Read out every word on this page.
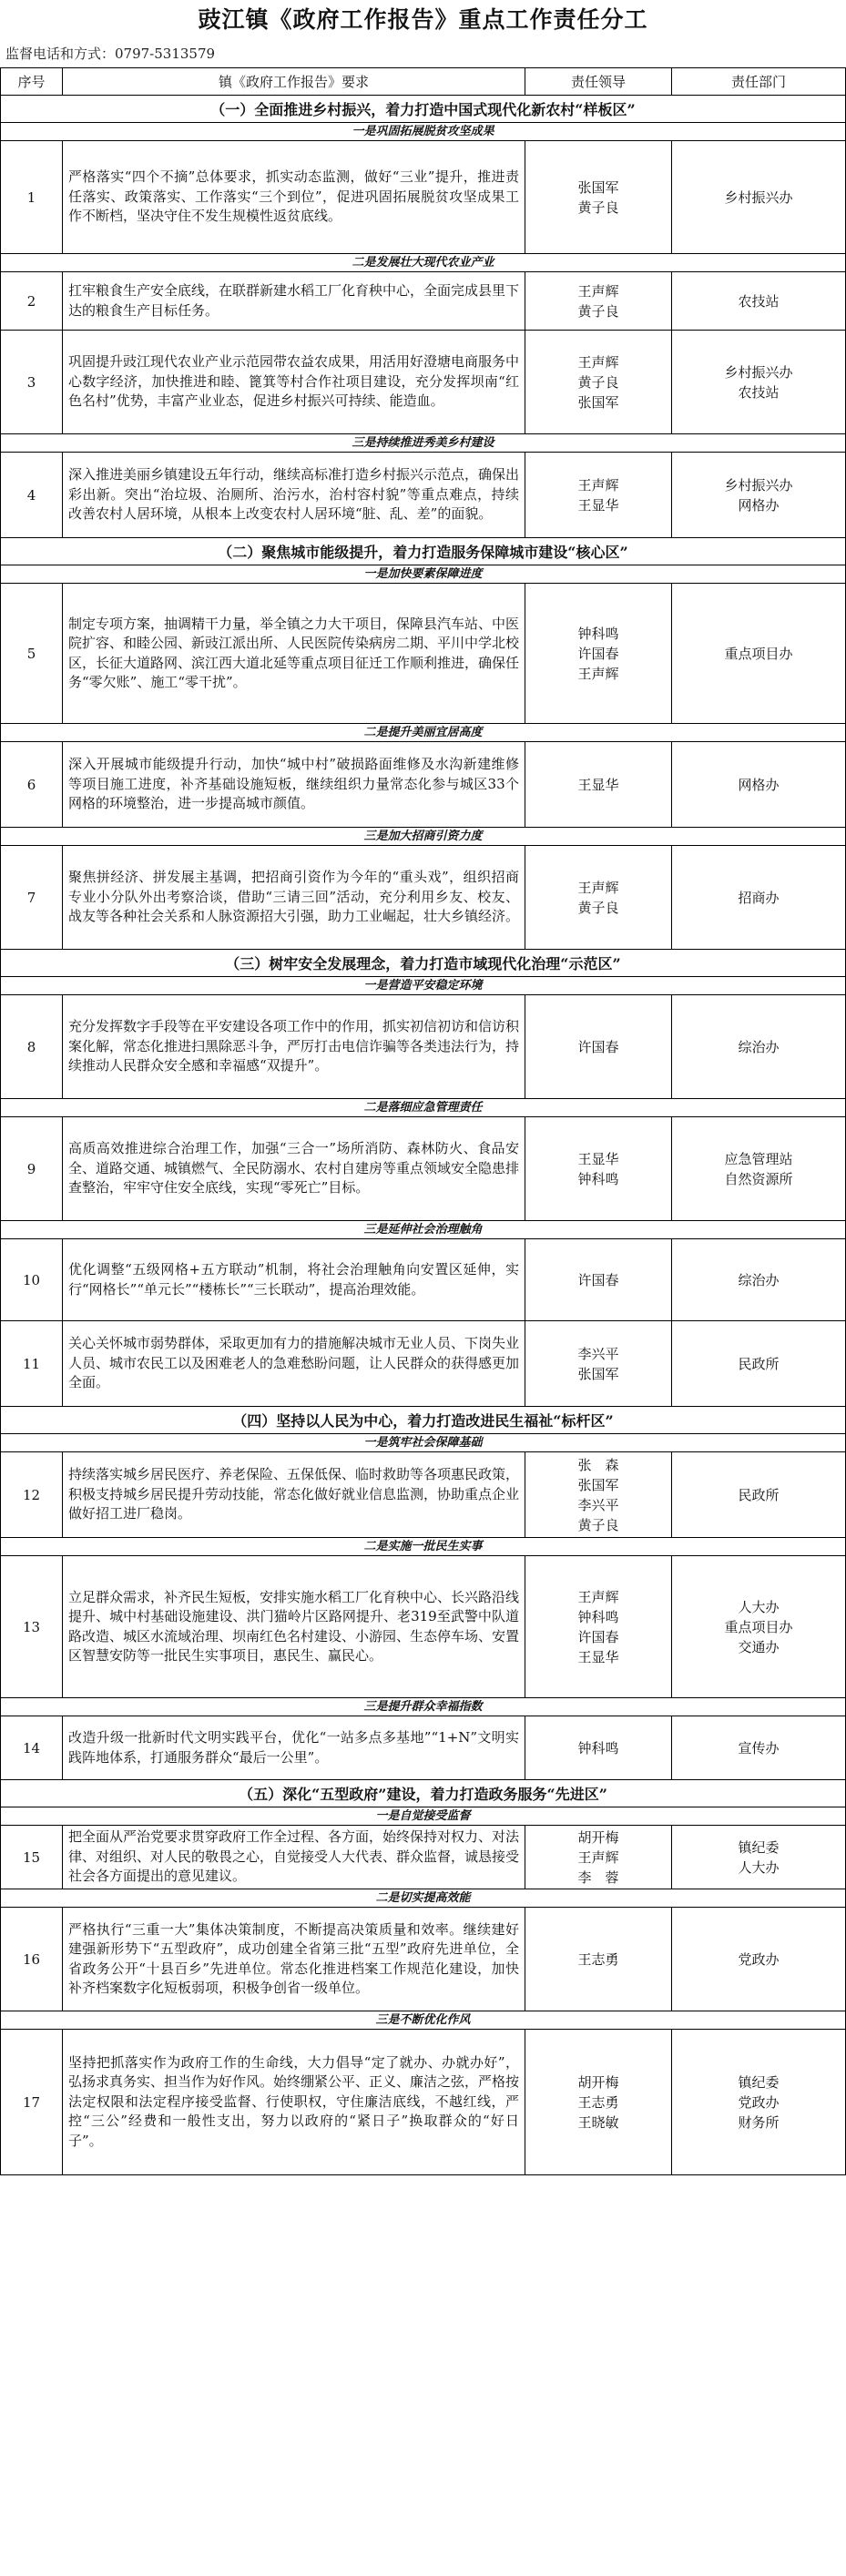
豉江镇《政府工作报告》重点工作责任分工
监督电话和方式：0797-5313579
序号	镇《政府工作报告》要求	责任领导	责任部门
（一）全面推进乡村振兴，着力打造中国式现代化新农村“样板区”			
一是巩固拓展脱贫攻坚成果			
1	严格落实“四个不摘”总体要求，抓实动态监测，做好“三业”提升，推进责任落实、政策落实、工作落实“三个到位”，促进巩固拓展脱贫攻坚成果工作不断档，坚决守住不发生规模性返贫底线。	张国军
黄子良	乡村振兴办

二是发展壮大现代农业产业			
2	扛牢粮食生产安全底线，在联群新建水稻工厂化育秧中心，全面完成县里下达的粮食生产目标任务。	王声辉
黄子良	农技站

3	巩固提升豉江现代农业产业示范园带农益农成果，用活用好澄塘电商服务中心数字经济，加快推进和睦、篦箕等村合作社项目建设，充分发挥坝南“红色名村”优势，丰富产业业态，促进乡村振兴可持续、能造血。	王声辉
黄子良
张国军	乡村振兴办
农技站

三是持续推进秀美乡村建设			
4	深入推进美丽乡镇建设五年行动，继续高标准打造乡村振兴示范点，确保出彩出新。突出“治垃圾、治厕所、治污水，治村容村貌”等重点难点，持续改善农村人居环境，从根本上改变农村人居环境“脏、乱、差”的面貌。	王声辉
王显华	乡村振兴办
网格办

（二）聚焦城市能级提升，着力打造服务保障城市建设“核心区”			
一是加快要素保障进度			
5	制定专项方案，抽调精干力量，举全镇之力大干项目，保障县汽车站、中医院扩容、和睦公园、新豉江派出所、人民医院传染病房二期、平川中学北校区，长征大道路网、滨江西大道北延等重点项目征迁工作顺利推进，确保任务“零欠账”、施工“零干扰”。	钟科鸣
许国春
王声辉	重点项目办

二是提升美丽宜居高度			
6	深入开展城市能级提升行动，加快“城中村”破损路面维修及水沟新建维修等项目施工进度，补齐基础设施短板，继续组织力量常态化参与城区33个网格的环境整治，进一步提高城市颜值。	王显华	网格办

三是加大招商引资力度			
7	聚焦拼经济、拼发展主基调，把招商引资作为今年的“重头戏”，组织招商专业小分队外出考察洽谈，借助“三请三回”活动，充分利用乡友、校友、战友等各种社会关系和人脉资源招大引强，助力工业崛起，壮大乡镇经济。	王声辉
黄子良	招商办

（三）树牢安全发展理念，着力打造市域现代化治理“示范区”			
一是营造平安稳定环境			
8	充分发挥数字手段等在平安建设各项工作中的作用，抓实初信初访和信访积案化解，常态化推进扫黑除恶斗争，严厉打击电信诈骗等各类违法行为，持续推动人民群众安全感和幸福感“双提升”。	许国春	综治办

二是落细应急管理责任			
9	高质高效推进综合治理工作，加强“三合一”场所消防、森林防火、食品安全、道路交通、城镇燃气、全民防溺水、农村自建房等重点领域安全隐患排查整治，牢牢守住安全底线，实现“零死亡”目标。	王显华
钟科鸣	应急管理站
自然资源所

三是延伸社会治理触角			
10	优化调整“五级网格+五方联动”机制，将社会治理触角向安置区延伸，实行“网格长”“单元长”“楼栋长”“三长联动”，提高治理效能。	许国春	综治办

11	关心关怀城市弱势群体，采取更加有力的措施解决城市无业人员、下岗失业人员、城市农民工以及困难老人的急难愁盼问题，让人民群众的获得感更加全面。	李兴平
张国军	民政所

（四）坚持以人民为中心，着力打造改进民生福祉“标杆区”			
一是筑牢社会保障基础			
12	持续落实城乡居民医疗、养老保险、五保低保、临时救助等各项惠民政策，积极支持城乡居民提升劳动技能，常态化做好就业信息监测，协助重点企业做好招工进厂稳岗。	张　森
张国军
李兴平
黄子良	民政所

二是实施一批民生实事			
13	立足群众需求，补齐民生短板，安排实施水稻工厂化育秧中心、长兴路沿线提升、城中村基础设施建设、洪门猫岭片区路网提升、老319至武警中队道路改造、城区水流域治理、坝南红色名村建设、小游园、生态停车场、安置区智慧安防等一批民生实事项目，惠民生、赢民心。	王声辉
钟科鸣
许国春
王显华	人大办
重点项目办
交通办

三是提升群众幸福指数			
14	改造升级一批新时代文明实践平台，优化“一站多点多基地”“1+N”文明实践阵地体系，打通服务群众“最后一公里”。	钟科鸣	宣传办

（五）深化“五型政府”建设，着力打造政务服务“先进区”			
一是自觉接受监督			
15	把全面从严治党要求贯穿政府工作全过程、各方面，始终保持对权力、对法律、对组织、对人民的敬畏之心，自觉接受人大代表、群众监督，诚恳接受社会各方面提出的意见建议。	胡开梅
王声辉
李　蓉	镇纪委
人大办

二是切实提高效能			
16	严格执行“三重一大”集体决策制度，不断提高决策质量和效率。继续建好建强新形势下“五型政府”，成功创建全省第三批“五型”政府先进单位，全省政务公开“十县百乡”先进单位。常态化推进档案工作规范化建设，加快补齐档案数字化短板弱项，积极争创省一级单位。	王志勇	党政办

三是不断优化作风			
17	坚持把抓落实作为政府工作的生命线，大力倡导“定了就办、办就办好”，弘扬求真务实、担当作为好作风。始终绷紧公平、正义、廉洁之弦，严格按法定权限和法定程序接受监督、行使职权，守住廉洁底线，不越红线，严控“三公”经费和一般性支出，努力以政府的“紧日子”换取群众的“好日子”。	胡开梅
王志勇
王晓敏	镇纪委
党政办
财务所
